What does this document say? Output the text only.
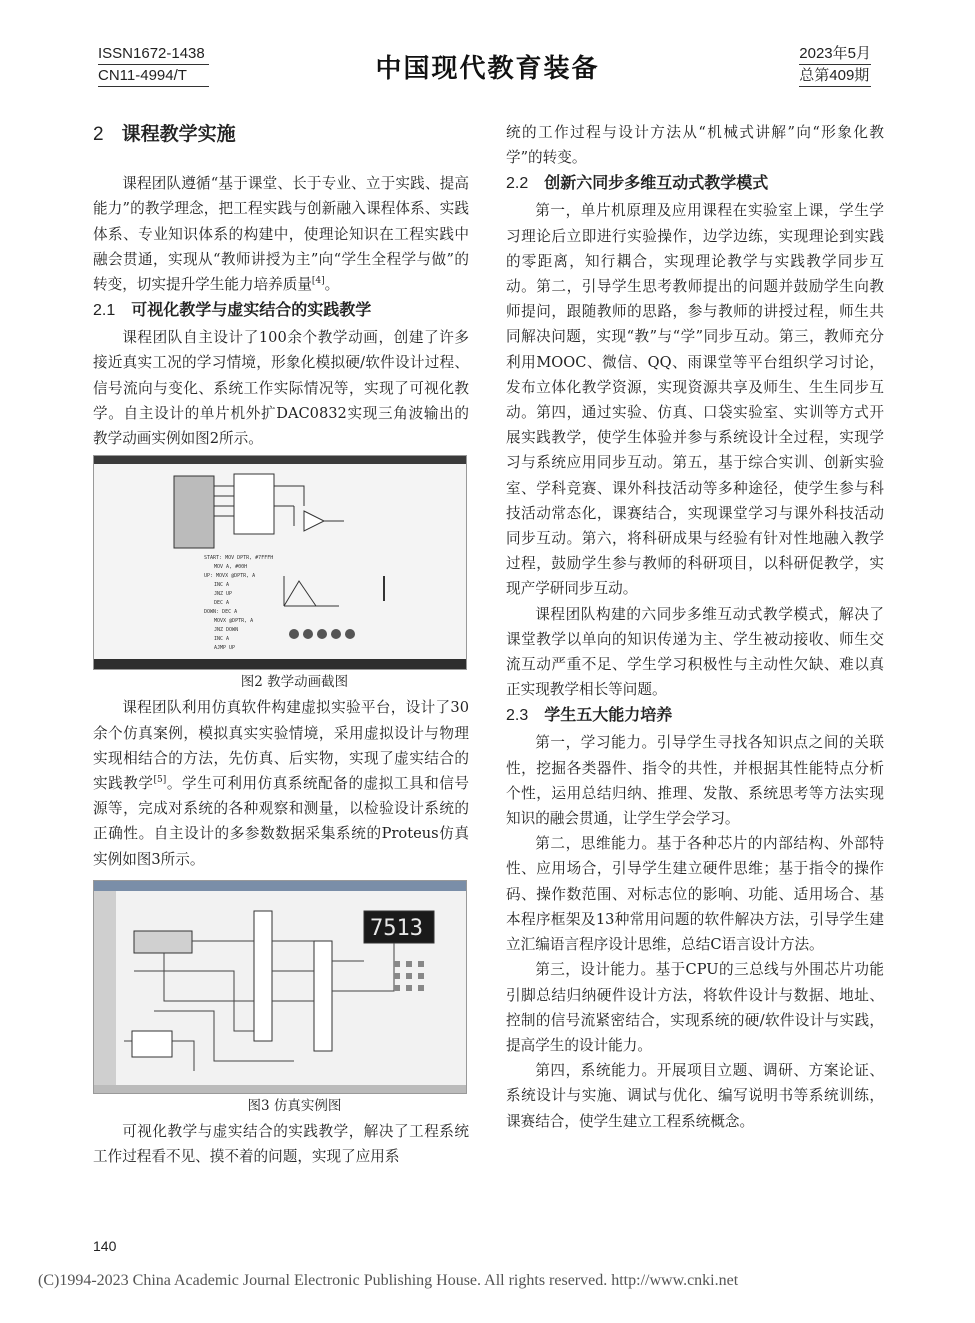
ISSN1672-1438
CN11-4994/T	中国现代教育装备
2023年5月
总第409期
2 课程教学实施

课程团队遵循“基于课堂、长于专业、立于实践、提高能力”的教学理念，把工程实践与创新融入课程体系、实践体系、专业知识体系的构建中，使理论知识在工程实践中融会贯通，实现从“教师讲授为主”向“学生全程学与做”的转变，切实提升学生能力培养质量[4]。

2.1 可视化教学与虚实结合的实践教学

课程团队自主设计了100余个教学动画，创建了许多接近真实工况的学习情境，形象化模拟硬/软件设计过程、信号流向与变化、系统工作实际情况等，实现了可视化教学。自主设计的单片机外扩DAC0832实现三角波输出的教学动画实例如图2所示。

START: MOV DPTR, #7FFFH
MOV A, #00H
UP: MOVX @DPTR, A
INC A
JNZ UP
DEC A
DOWN: DEC A
MOVX @DPTR, A
JNZ DOWN
INC A
AJMP UP

图2 教学动画截图

课程团队利用仿真软件构建虚拟实验平台，设计了30余个仿真案例，模拟真实实验情境，采用虚拟设计与物理实现相结合的方法，先仿真、后实物，实现了虚实结合的实践教学[5]。学生可利用仿真系统配备的虚拟工具和信号源等，完成对系统的各种观察和测量，以检验设计系统的正确性。自主设计的多参数数据采集系统的Proteus仿真实例如图3所示。

7513

图3 仿真实例图

可视化教学与虚实结合的实践教学，解决了工程系统工作过程看不见、摸不着的问题，实现了应用系

统的工作过程与设计方法从“机械式讲解”向“形象化教学”的转变。

2.2 创新六同步多维互动式教学模式

第一，单片机原理及应用课程在实验室上课，学生学习理论后立即进行实验操作，边学边练，实现理论到实践的零距离，知行耦合，实现理论教学与实践教学同步互动。第二，引导学生思考教师提出的问题并鼓励学生向教师提问，跟随教师的思路，参与教师的讲授过程，师生共同解决问题，实现“教”与“学”同步互动。第三，教师充分利用MOOC、微信、QQ、雨课堂等平台组织学习讨论，发布立体化教学资源，实现资源共享及师生、生生同步互动。第四，通过实验、仿真、口袋实验室、实训等方式开展实践教学，使学生体验并参与系统设计全过程，实现学习与系统应用同步互动。第五，基于综合实训、创新实验室、学科竞赛、课外科技活动等多种途径，使学生参与科技活动常态化，课赛结合，实现课堂学习与课外科技活动同步互动。第六，将科研成果与经验有针对性地融入教学过程，鼓励学生参与教师的科研项目，以科研促教学，实现产学研同步互动。

课程团队构建的六同步多维互动式教学模式，解决了课堂教学以单向的知识传递为主、学生被动接收、师生交流互动严重不足、学生学习积极性与主动性欠缺、难以真正实现教学相长等问题。

2.3 学生五大能力培养

第一，学习能力。引导学生寻找各知识点之间的关联性，挖掘各类器件、指令的共性，并根据其性能特点分析个性，运用总结归纳、推理、发散、系统思考等方法实现知识的融会贯通，让学生学会学习。

第二，思维能力。基于各种芯片的内部结构、外部特性、应用场合，引导学生建立硬件思维；基于指令的操作码、操作数范围、对标志位的影响、功能、适用场合、基本程序框架及13种常用问题的软件解决方法，引导学生建立汇编语言程序设计思维，总结C语言设计方法。

第三，设计能力。基于CPU的三总线与外围芯片功能引脚总结归纳硬件设计方法，将软件设计与数据、地址、控制的信号流紧密结合，实现系统的硬/软件设计与实践，提高学生的设计能力。

第四，系统能力。开展项目立题、调研、方案论证、系统设计与实施、调试与优化、编写说明书等系统训练，课赛结合，使学生建立工程系统概念。

140
(C)1994-2023 China Academic Journal Electronic Publishing House. All rights reserved. http://www.cnki.net
